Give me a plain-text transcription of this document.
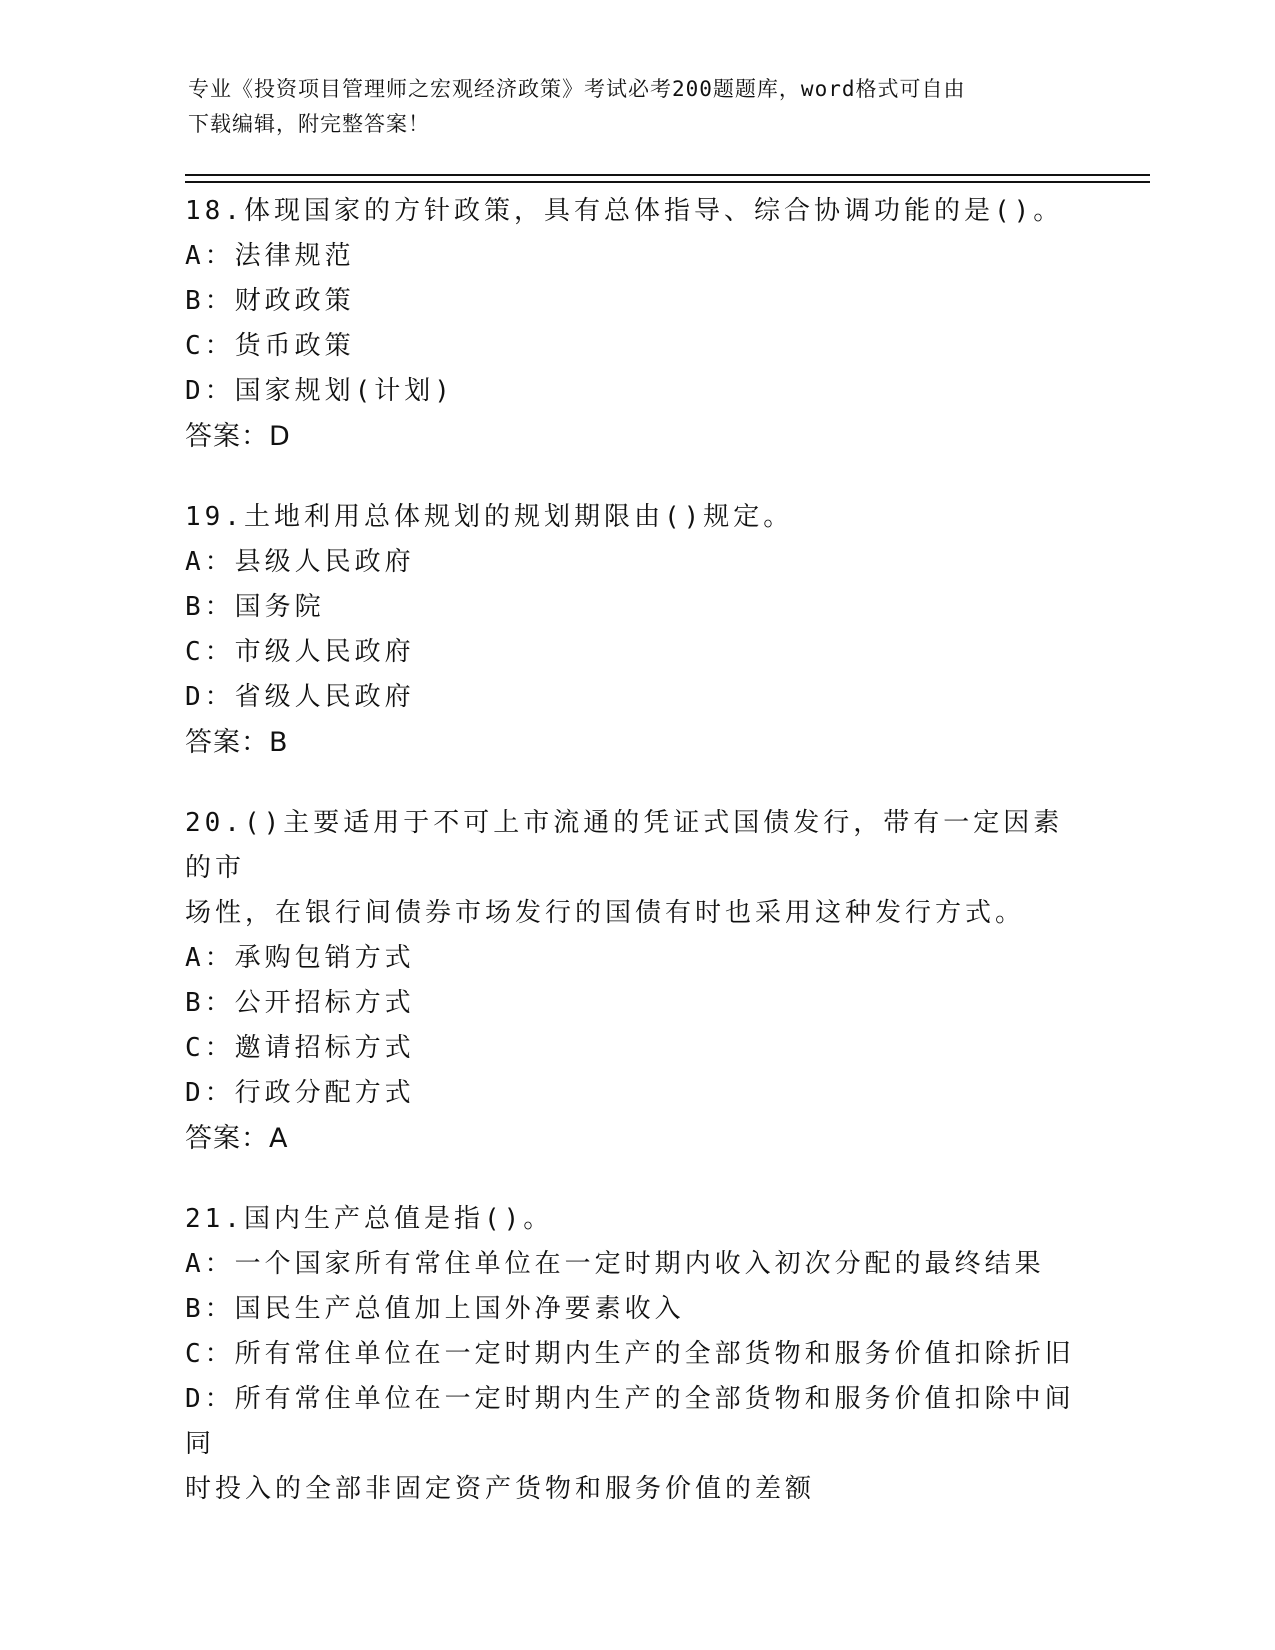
专业《投资项目管理师之宏观经济政策》考试必考200题题库，word格式可自由
下载编辑，附完整答案！
18.体现国家的方针政策，具有总体指导、综合协调功能的是()。
A：法律规范
B：财政政策
C：货币政策
D：国家规划(计划)
答案：D
19.土地利用总体规划的规划期限由()规定。
A：县级人民政府
B：国务院
C：市级人民政府
D：省级人民政府
答案：B
20.()主要适用于不可上市流通的凭证式国债发行，带有一定因素的市
场性，在银行间债券市场发行的国债有时也采用这种发行方式。
A：承购包销方式
B：公开招标方式
C：邀请招标方式
D：行政分配方式
答案：A
21.国内生产总值是指()。
A：一个国家所有常住单位在一定时期内收入初次分配的最终结果
B：国民生产总值加上国外净要素收入
C：所有常住单位在一定时期内生产的全部货物和服务价值扣除折旧
D：所有常住单位在一定时期内生产的全部货物和服务价值扣除中间同
时投入的全部非固定资产货物和服务价值的差额
